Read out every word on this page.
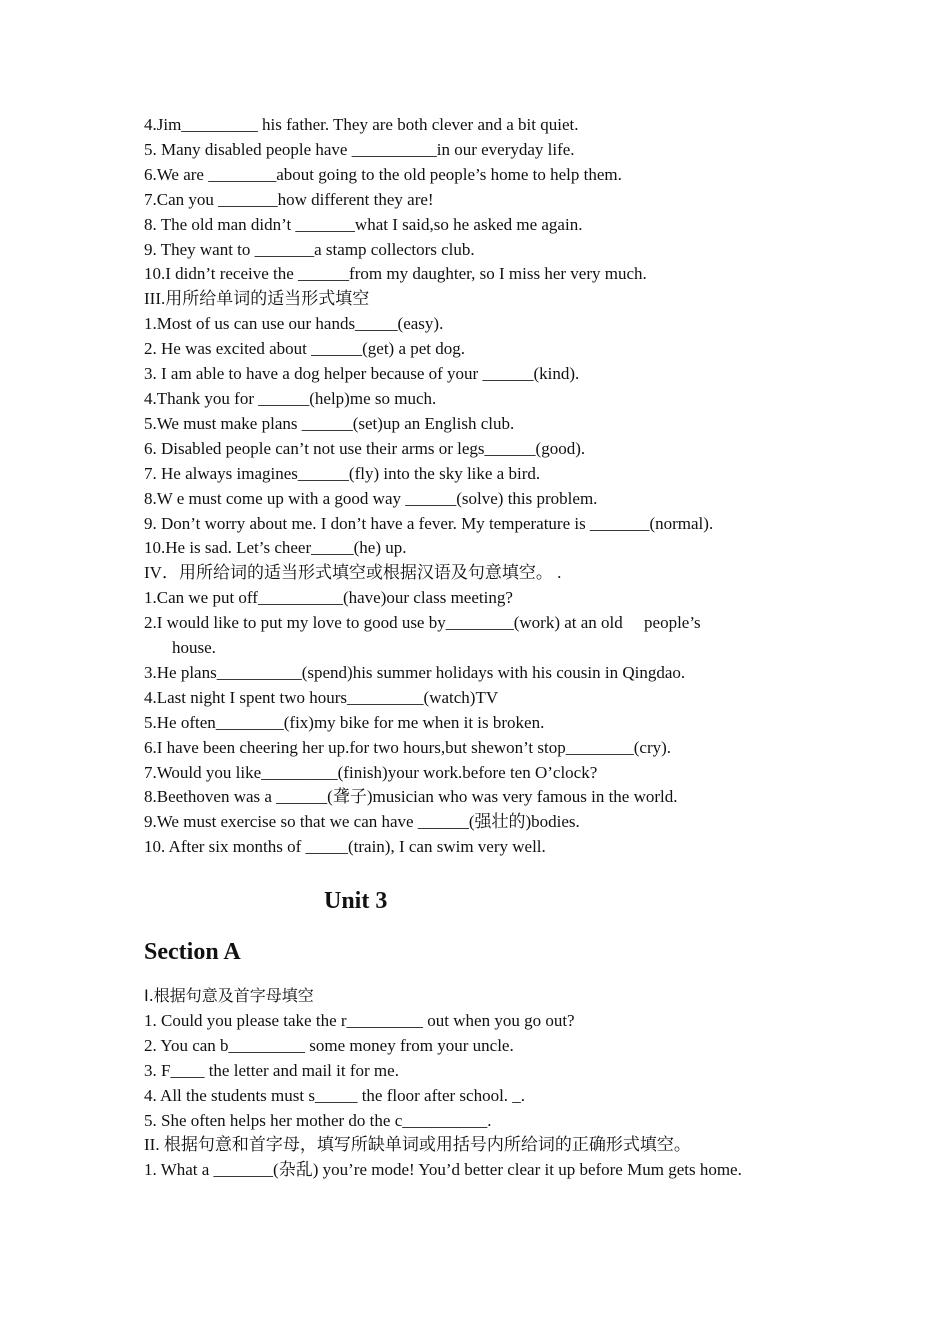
4.Jim_________ his father. They are both clever and a bit quiet.

5. Many disabled people have __________in our everyday life.

6.We are ________about going to the old people’s home to help them.

7.Can you _______how different they are!

8. The old man didn’t _______what I said,so he asked me again.

9. They want to _______a stamp collectors club.

10.I didn’t receive the ______from my daughter, so I miss her very much.

III.用所给单词的适当形式填空

1.Most of us can use our hands_____(easy).

2. He was excited about ______(get) a pet dog.

3. I am able to have a dog helper because of your ______(kind).

4.Thank you for ______(help)me so much.

5.We must make plans ______(set)up an English club.

6. Disabled people can’t not use their arms or legs______(good).

7. He always imagines______(fly) into the sky like a bird.

8.W e must come up with a good way ______(solve) this problem.

9. Don’t worry about me. I don’t have a fever. My temperature is _______(normal).

10.He is sad. Let’s cheer_____(he) up.

IV．用所给词的适当形式填空或根据汉语及句意填空。 .

1.Can we put off__________(have)our class meeting?

2.I would like to put my love to good use by________(work) at an old     people’s

house.

3.He plans__________(spend)his summer holidays with his cousin in Qingdao.

4.Last night I spent two hours_________(watch)TV

5.He often________(fix)my bike for me when it is broken.

6.I have been cheering her up.for two hours,but shewon’t stop________(cry).

7.Would you like_________(finish)your work.before ten O’clock?

8.Beethoven was a ______(聋子)musician who was very famous in the world.

9.We must exercise so that we can have ______(强壮的)bodies.

10. After six months of _____(train), I can swim very well.

Unit 3
Section A

I.根据句意及首字母填空

1. Could you please take the r_________ out when you go out?

2. You can b_________ some money from your uncle.

3. F____ the letter and mail it for me.

4. All the students must s_____ the floor after school. _.

5. She often helps her mother do the c__________.

II. 根据句意和首字母，填写所缺单词或用括号内所给词的正确形式填空。

1. What a _______(杂乱) you’re mode! You’d better clear it up before Mum gets home.
